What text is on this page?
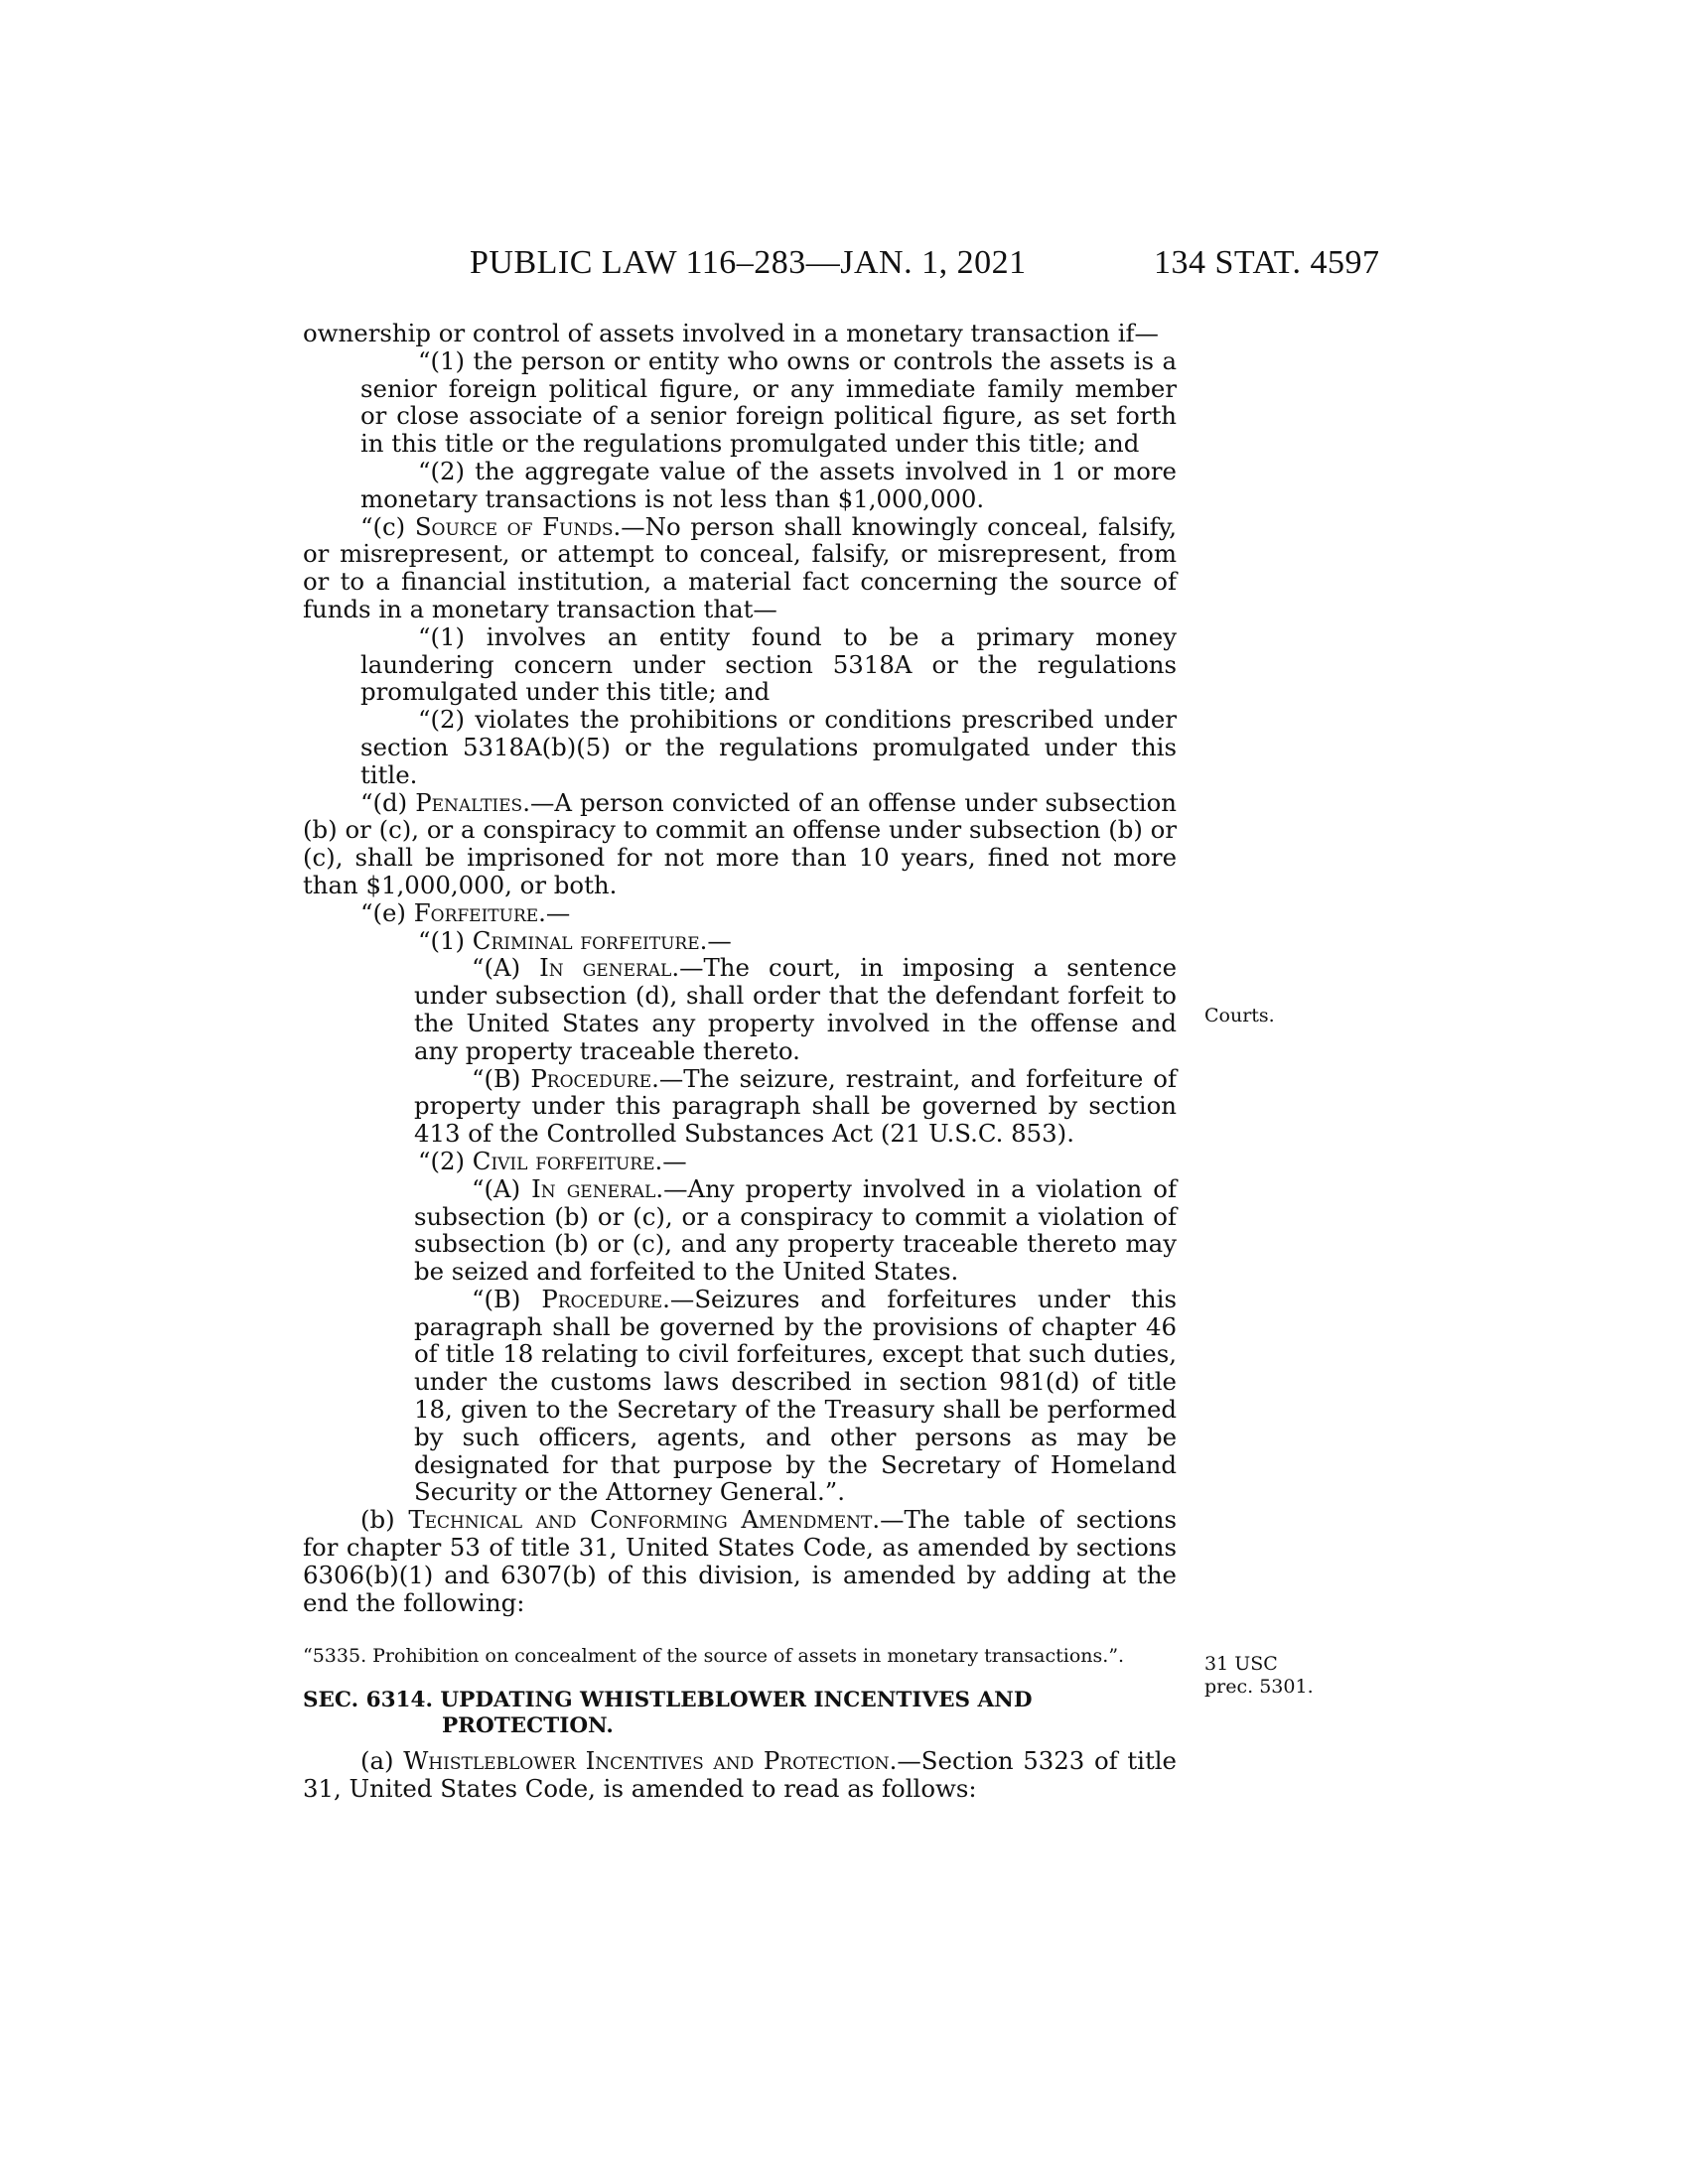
PUBLIC LAW 116–283—JAN. 1, 2021	134 STAT. 4597

ownership or control of assets involved in a monetary transaction if—

“(1) the person or entity who owns or controls the assets is a senior foreign political figure, or any immediate family member or close associate of a senior foreign political figure, as set forth in this title or the regulations promulgated under this title; and

“(2) the aggregate value of the assets involved in 1 or more monetary transactions is not less than $1,000,000.

“(c) Source of Funds.—No person shall knowingly conceal, falsify, or misrepresent, or attempt to conceal, falsify, or misrepresent, from or to a financial institution, a material fact concerning the source of funds in a monetary transaction that—

“(1) involves an entity found to be a primary money laundering concern under section 5318A or the regulations promulgated under this title; and

“(2) violates the prohibitions or conditions prescribed under section 5318A(b)(5) or the regulations promulgated under this title.

“(d) Penalties.—A person convicted of an offense under subsection (b) or (c), or a conspiracy to commit an offense under subsection (b) or (c), shall be imprisoned for not more than 10 years, fined not more than $1,000,000, or both.

“(e) Forfeiture.—

“(1) Criminal forfeiture.—

“(A) In general.—The court, in imposing a sentence under subsection (d), shall order that the defendant forfeit to the United States any property involved in the offense and any property traceable thereto.

“(B) Procedure.—The seizure, restraint, and forfeiture of property under this paragraph shall be governed by section 413 of the Controlled Substances Act (21 U.S.C. 853).

“(2) Civil forfeiture.—

“(A) In general.—Any property involved in a violation of subsection (b) or (c), or a conspiracy to commit a violation of subsection (b) or (c), and any property traceable thereto may be seized and forfeited to the United States.

“(B) Procedure.—Seizures and forfeitures under this paragraph shall be governed by the provisions of chapter 46 of title 18 relating to civil forfeitures, except that such duties, under the customs laws described in section 981(d) of title 18, given to the Secretary of the Treasury shall be performed by such officers, agents, and other persons as may be designated for that purpose by the Secretary of Homeland Security or the Attorney General.”.

(b) Technical and Conforming Amendment.—The table of sections for chapter 53 of title 31, United States Code, as amended by sections 6306(b)(1) and 6307(b) of this division, is amended by adding at the end the following:

“5335. Prohibition on concealment of the source of assets in monetary transactions.”.

SEC. 6314. UPDATING WHISTLEBLOWER INCENTIVES AND PROTECTION.

(a) Whistleblower Incentives and Protection.—Section 5323 of title 31, United States Code, is amended to read as follows:

Courts.
31 USC
prec. 5301.
